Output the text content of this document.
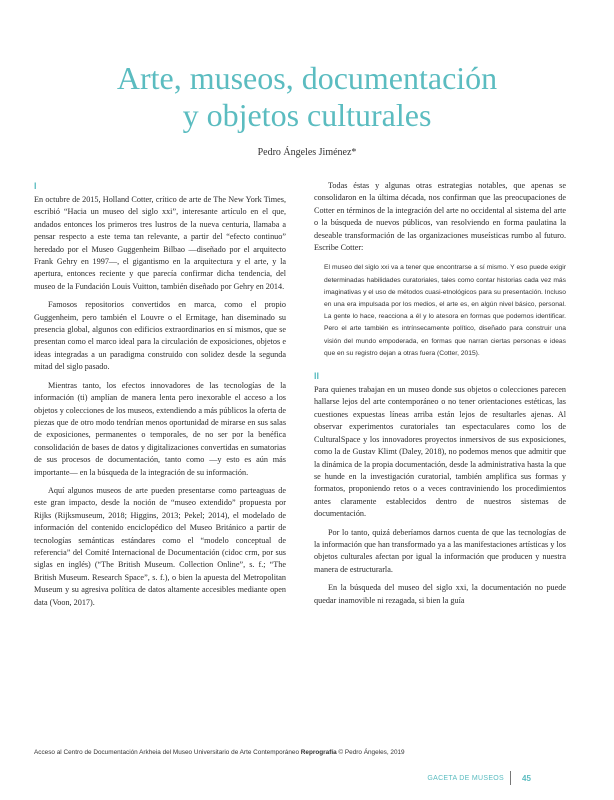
Arte, museos, documentación
y objetos culturales
Pedro Ángeles Jiménez*
I

En octubre de 2015, Holland Cotter, crítico de arte de The New York Times, escribió “Hacia un museo del siglo xxi”, interesante artículo en el que, andados entonces los primeros tres lustros de la nueva centuria, llamaba a pensar respecto a este tema tan relevante, a partir del “efecto continuo” heredado por el Museo Guggenheim Bilbao —diseñado por el arquitecto Frank Gehry en 1997—, el gigantismo en la arquitectura y el arte, y la apertura, entonces reciente y que parecía confirmar dicha tendencia, del museo de la Fundación Louis Vuitton, también diseñado por Gehry en 2014.

Famosos repositorios convertidos en marca, como el propio Guggenheim, pero también el Louvre o el Ermitage, han diseminado su presencia global, algunos con edificios extraordinarios en sí mismos, que se presentan como el marco ideal para la circulación de exposiciones, objetos e ideas integradas a un paradigma construido con solidez desde la segunda mitad del siglo pasado.

Mientras tanto, los efectos innovadores de las tecnologías de la información (ti) amplían de manera lenta pero inexorable el acceso a los objetos y colecciones de los museos, extendiendo a más públicos la oferta de piezas que de otro modo tendrían menos oportunidad de mirarse en sus salas de exposiciones, permanentes o temporales, de no ser por la benéfica consolidación de bases de datos y digitalizaciones convertidas en sumatorias de sus procesos de documentación, tanto como —y esto es aún más importante— en la búsqueda de la integración de su información.

Aquí algunos museos de arte pueden presentarse como parteaguas de este gran impacto, desde la noción de “museo extendido” propuesta por Rijks (Rijksmuseum, 2018; Higgins, 2013; Pekel; 2014), el modelado de información del contenido enciclopédico del Museo Británico a partir de tecnologías semánticas estándares como el “modelo conceptual de referencia” del Comité Internacional de Documentación (cidoc crm, por sus siglas en inglés) (“The British Museum. Collection Online”, s. f.; “The British Museum. Research Space”, s. f.), o bien la apuesta del Metropolitan Museum y su agresiva política de datos altamente accesibles mediante open data (Voon, 2017).

Todas éstas y algunas otras estrategias notables, que apenas se consolidaron en la última década, nos confirman que las preocupaciones de Cotter en términos de la integración del arte no occidental al sistema del arte o la búsqueda de nuevos públicos, van resolviendo en forma paulatina la deseable transformación de las organizaciones museísticas rumbo al futuro. Escribe Cotter:

El museo del siglo xxi va a tener que encontrarse a sí mismo. Y eso puede exigir determinadas habilidades curatoriales, tales como contar historias cada vez más imaginativas y el uso de métodos cuasi-etnológicos para su presentación. Incluso en una era impulsada por los medios, el arte es, en algún nivel básico, personal. La gente lo hace, reacciona a él y lo atesora en formas que podemos identificar. Pero el arte también es intrínsecamente político, diseñado para construir una visión del mundo empoderada, en formas que narran ciertas personas e ideas que en su registro dejan a otras fuera (Cotter, 2015).

II

Para quienes trabajan en un museo donde sus objetos o colecciones parecen hallarse lejos del arte contemporáneo o no tener orientaciones estéticas, las cuestiones expuestas líneas arriba están lejos de resultarles ajenas. Al observar experimentos curatoriales tan espectaculares como los de CulturalSpace y los innovadores proyectos inmersivos de sus exposiciones, como la de Gustav Klimt (Daley, 2018), no podemos menos que admitir que la dinámica de la propia documentación, desde la administrativa hasta la que se hunde en la investigación curatorial, también amplifica sus formas y formatos, proponiendo retos o a veces contraviniendo los procedimientos antes claramente establecidos dentro de nuestros sistemas de documentación.

Por lo tanto, quizá deberíamos darnos cuenta de que las tecnologías de la información que han transformado ya a las manifestaciones artísticas y los objetos culturales afectan por igual la información que producen y nuestra manera de estructurarla.

En la búsqueda del museo del siglo xxi, la documentación no puede quedar inamovible ni rezagada, si bien la guía

Acceso al Centro de Documentación Arkheia del Museo Universitario de Arte Contemporáneo Reprografía © Pedro Ángeles, 2019
GACETA DE MUSEOS 45
